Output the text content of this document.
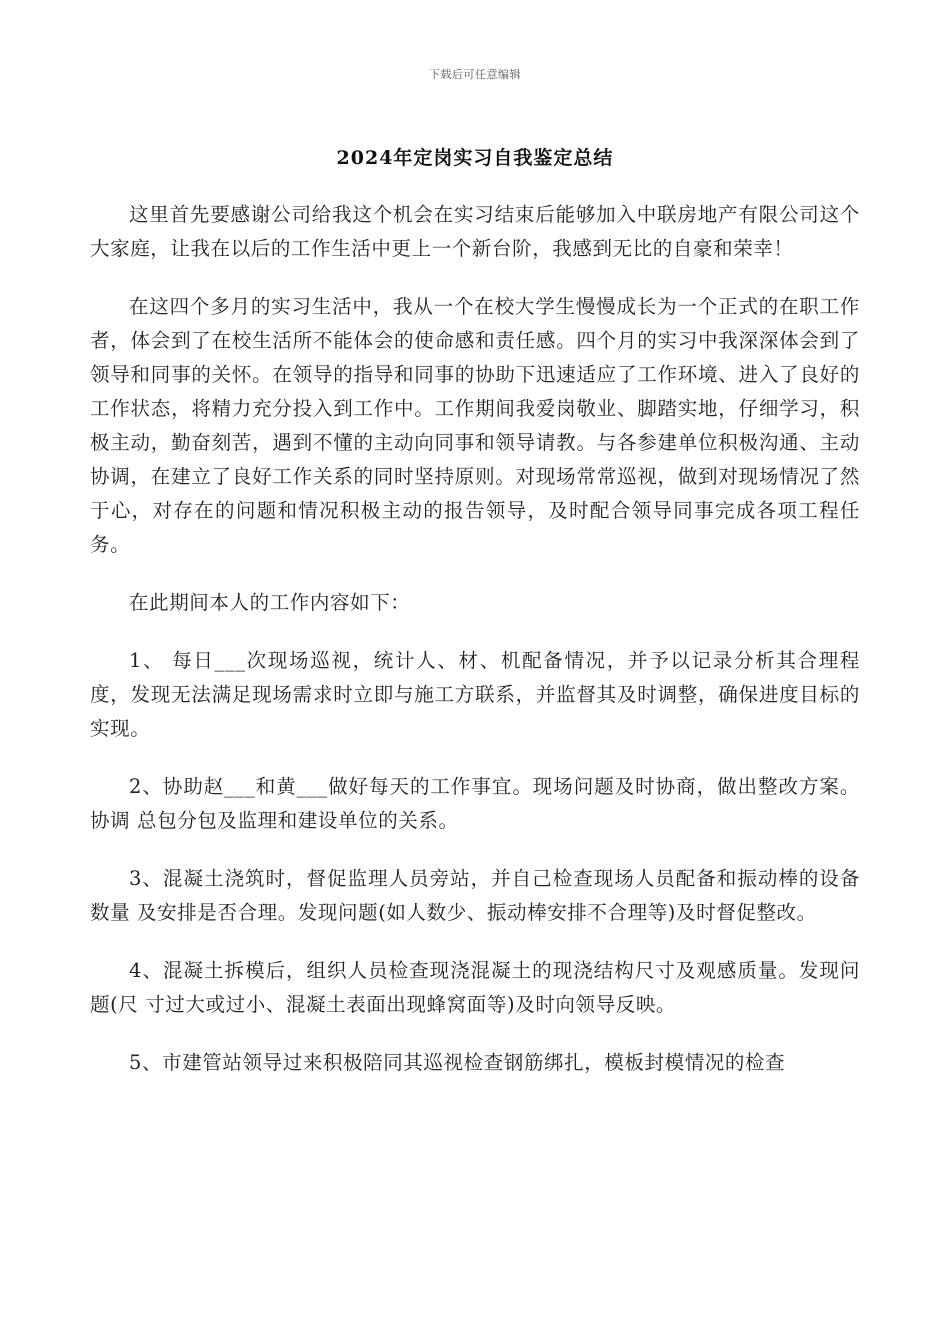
下载后可任意编辑
2024年定岗实习自我鉴定总结

这里首先要感谢公司给我这个机会在实习结束后能够加入中联房地产有限公司这个大家庭，让我在以后的工作生活中更上一个新台阶，我感到无比的自豪和荣幸！

在这四个多月的实习生活中，我从一个在校大学生慢慢成长为一个正式的在职工作者，体会到了在校生活所不能体会的使命感和责任感。四个月的实习中我深深体会到了领导和同事的关怀。在领导的指导和同事的协助下迅速适应了工作环境、进入了良好的工作状态，将精力充分投入到工作中。工作期间我爱岗敬业、脚踏实地，仔细学习，积极主动，勤奋刻苦，遇到不懂的主动向同事和领导请教。与各参建单位积极沟通、主动协调，在建立了良好工作关系的同时坚持原则。对现场常常巡视，做到对现场情况了然于心，对存在的问题和情况积极主动的报告领导，及时配合领导同事完成各项工程任务。

在此期间本人的工作内容如下：

1、 每日___次现场巡视，统计人、材、机配备情况，并予以记录分析其合理程度，发现无法满足现场需求时立即与施工方联系，并监督其及时调整，确保进度目标的实现。

2、协助赵___和黄___做好每天的工作事宜。现场问题及时协商，做出整改方案。协调 总包分包及监理和建设单位的关系。

3、混凝土浇筑时，督促监理人员旁站，并自己检查现场人员配备和振动棒的设备数量 及安排是否合理。发现问题(如人数少、振动棒安排不合理等)及时督促整改。

4、混凝土拆模后，组织人员检查现浇混凝土的现浇结构尺寸及观感质量。发现问题(尺 寸过大或过小、混凝土表面出现蜂窝面等)及时向领导反映。

5、市建管站领导过来积极陪同其巡视检查钢筋绑扎，模板封模情况的检查
